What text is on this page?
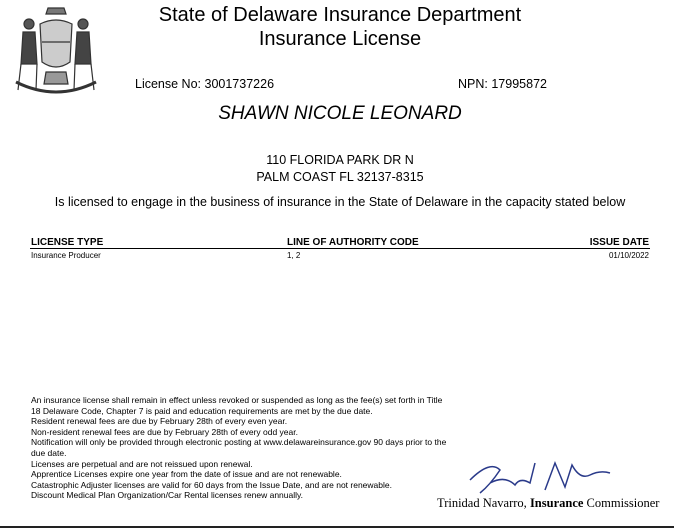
State of Delaware Insurance Department
Insurance License
License No: 3001737226	NPN: 17995872
SHAWN NICOLE LEONARD
110 FLORIDA PARK DR N
PALM COAST FL 32137-8315
Is licensed to engage in the business of insurance in the State of Delaware in the capacity stated below
LICENSE TYPE	LINE OF AUTHORITY CODE	ISSUE DATE
Insurance Producer	1, 2	01/10/2022
An insurance license shall remain in effect unless revoked or suspended as long as the fee(s) set forth in Title 18 Delaware Code, Chapter 7 is paid and education requirements are met by the due date.
Resident renewal fees are due by February 28th of every even year.
Non-resident renewal fees are due by February 28th of every odd year.
Notification will only be provided through electronic posting at www.delawareinsurance.gov 90 days prior to the due date.
Licenses are perpetual and are not reissued upon renewal.
Apprentice Licenses expire one year from the date of issue and are not renewable.
Catastrophic Adjuster licenses are valid for 60 days from the Issue Date, and are not renewable.
Discount Medical Plan Organization/Car Rental licenses renew annually.
Trinidad Navarro, Insurance Commissioner
